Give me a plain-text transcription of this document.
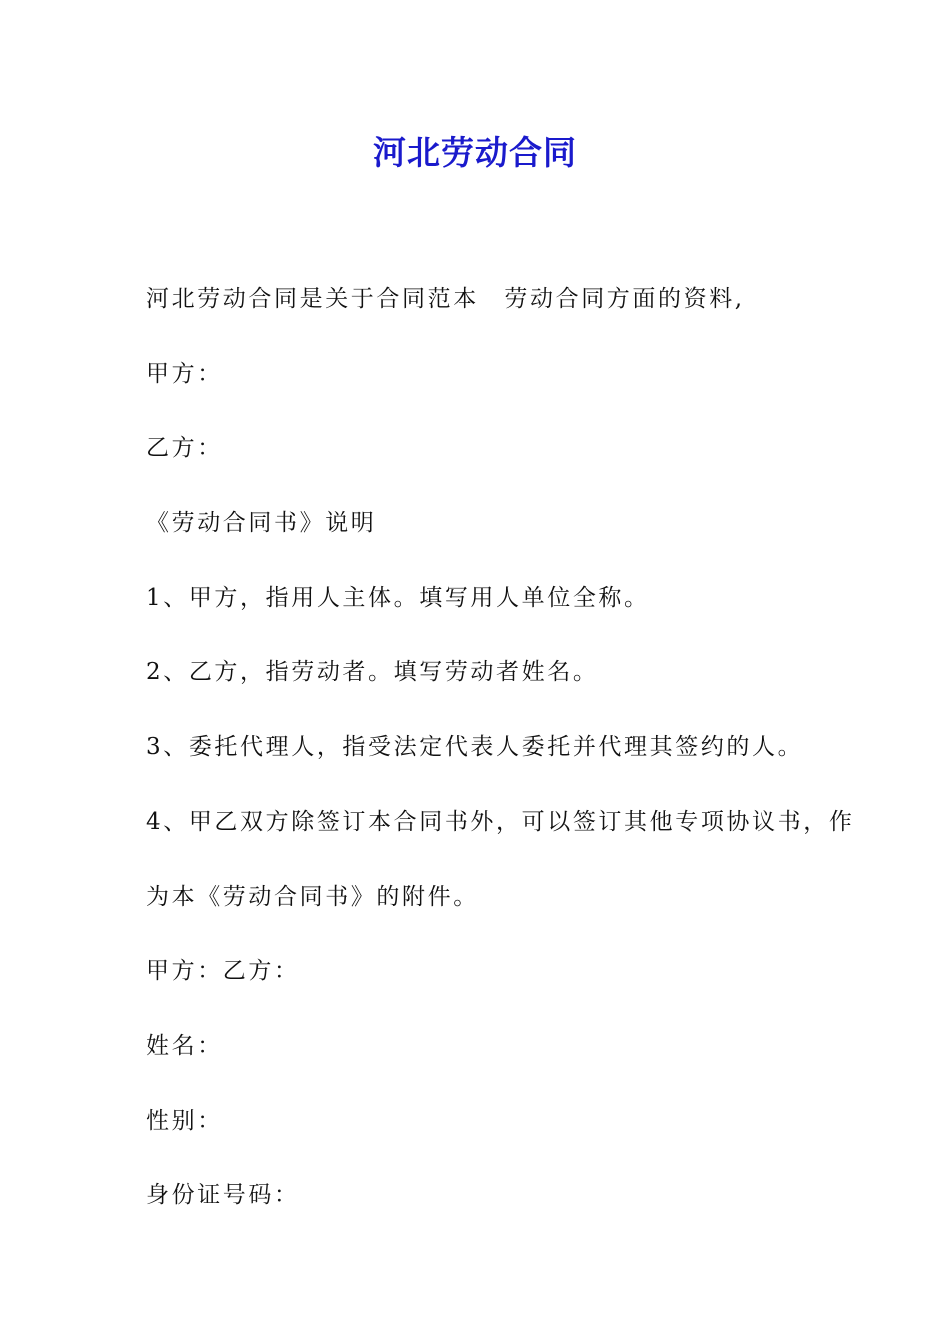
河北劳动合同
河北劳动合同是关于合同范本　劳动合同方面的资料,
甲方：
乙方：
《劳动合同书》说明
1、甲方，指用人主体。填写用人单位全称。
2、乙方，指劳动者。填写劳动者姓名。
3、委托代理人，指受法定代表人委托并代理其签约的人。
4、甲乙双方除签订本合同书外，可以签订其他专项协议书，作
为本《劳动合同书》的附件。
甲方：乙方：
姓名：
性别：
身份证号码：
